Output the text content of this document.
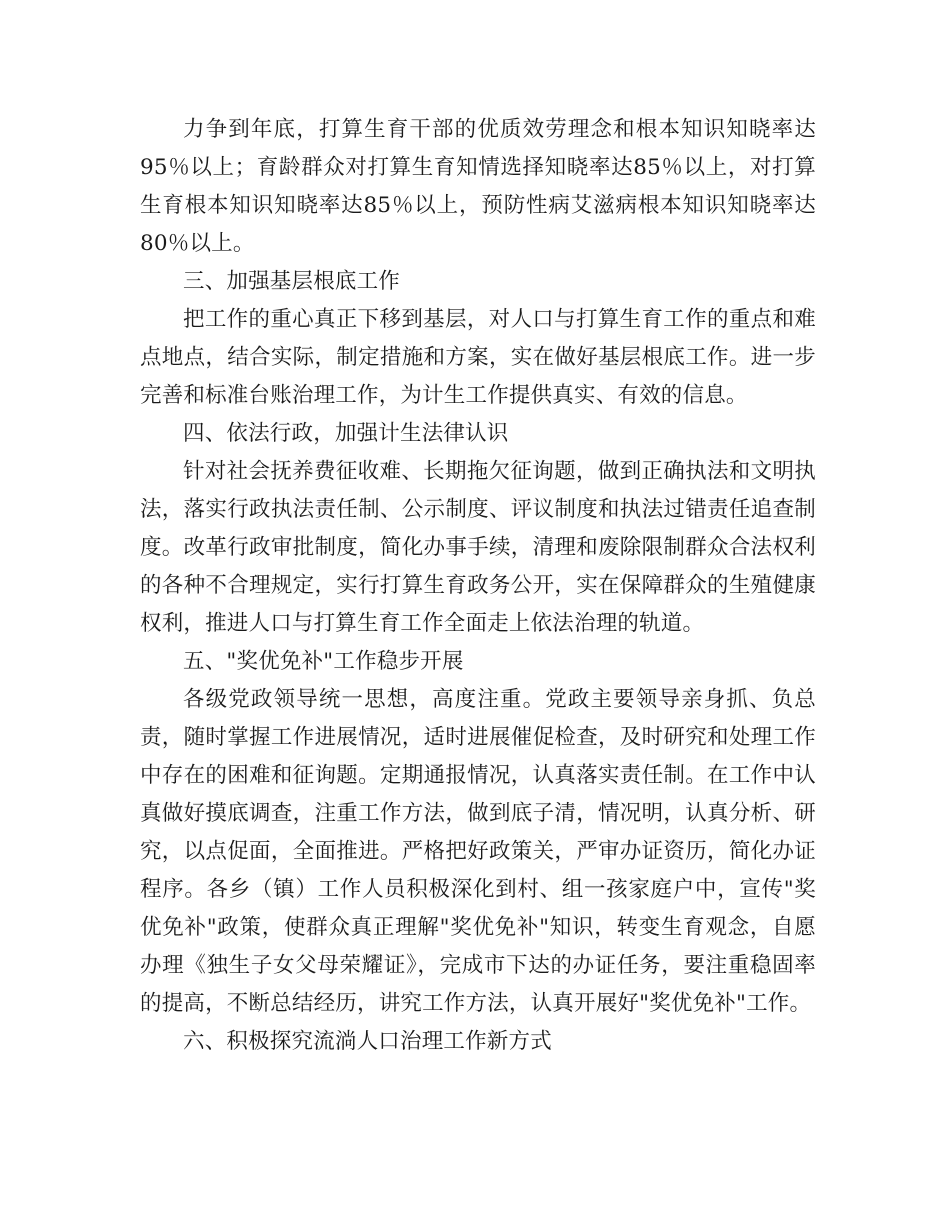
力争到年底，打算生育干部的优质效劳理念和根本知识知晓率达95％以上；育龄群众对打算生育知情选择知晓率达85％以上，对打算生育根本知识知晓率达85％以上，预防性病艾滋病根本知识知晓率达80％以上。

三、加强基层根底工作

把工作的重心真正下移到基层，对人口与打算生育工作的重点和难点地点，结合实际，制定措施和方案，实在做好基层根底工作。进一步完善和标准台账治理工作，为计生工作提供真实、有效的信息。

四、依法行政，加强计生法律认识

针对社会抚养费征收难、长期拖欠征询题，做到正确执法和文明执法，落实行政执法责任制、公示制度、评议制度和执法过错责任追查制度。改革行政审批制度，简化办事手续，清理和废除限制群众合法权利的各种不合理规定，实行打算生育政务公开，实在保障群众的生殖健康权利，推进人口与打算生育工作全面走上依法治理的轨道。

五、"奖优免补"工作稳步开展

各级党政领导统一思想，高度注重。党政主要领导亲身抓、负总责，随时掌握工作进展情况，适时进展催促检查，及时研究和处理工作中存在的困难和征询题。定期通报情况，认真落实责任制。在工作中认真做好摸底调查，注重工作方法，做到底子清，情况明，认真分析、研究，以点促面，全面推进。严格把好政策关，严审办证资历，简化办证程序。各乡（镇）工作人员积极深化到村、组一孩家庭户中，宣传"奖优免补"政策，使群众真正理解"奖优免补"知识，转变生育观念，自愿办理《独生子女父母荣耀证》，完成市下达的办证任务，要注重稳固率的提高，不断总结经历，讲究工作方法，认真开展好"奖优免补"工作。

六、积极探究流淌人口治理工作新方式
